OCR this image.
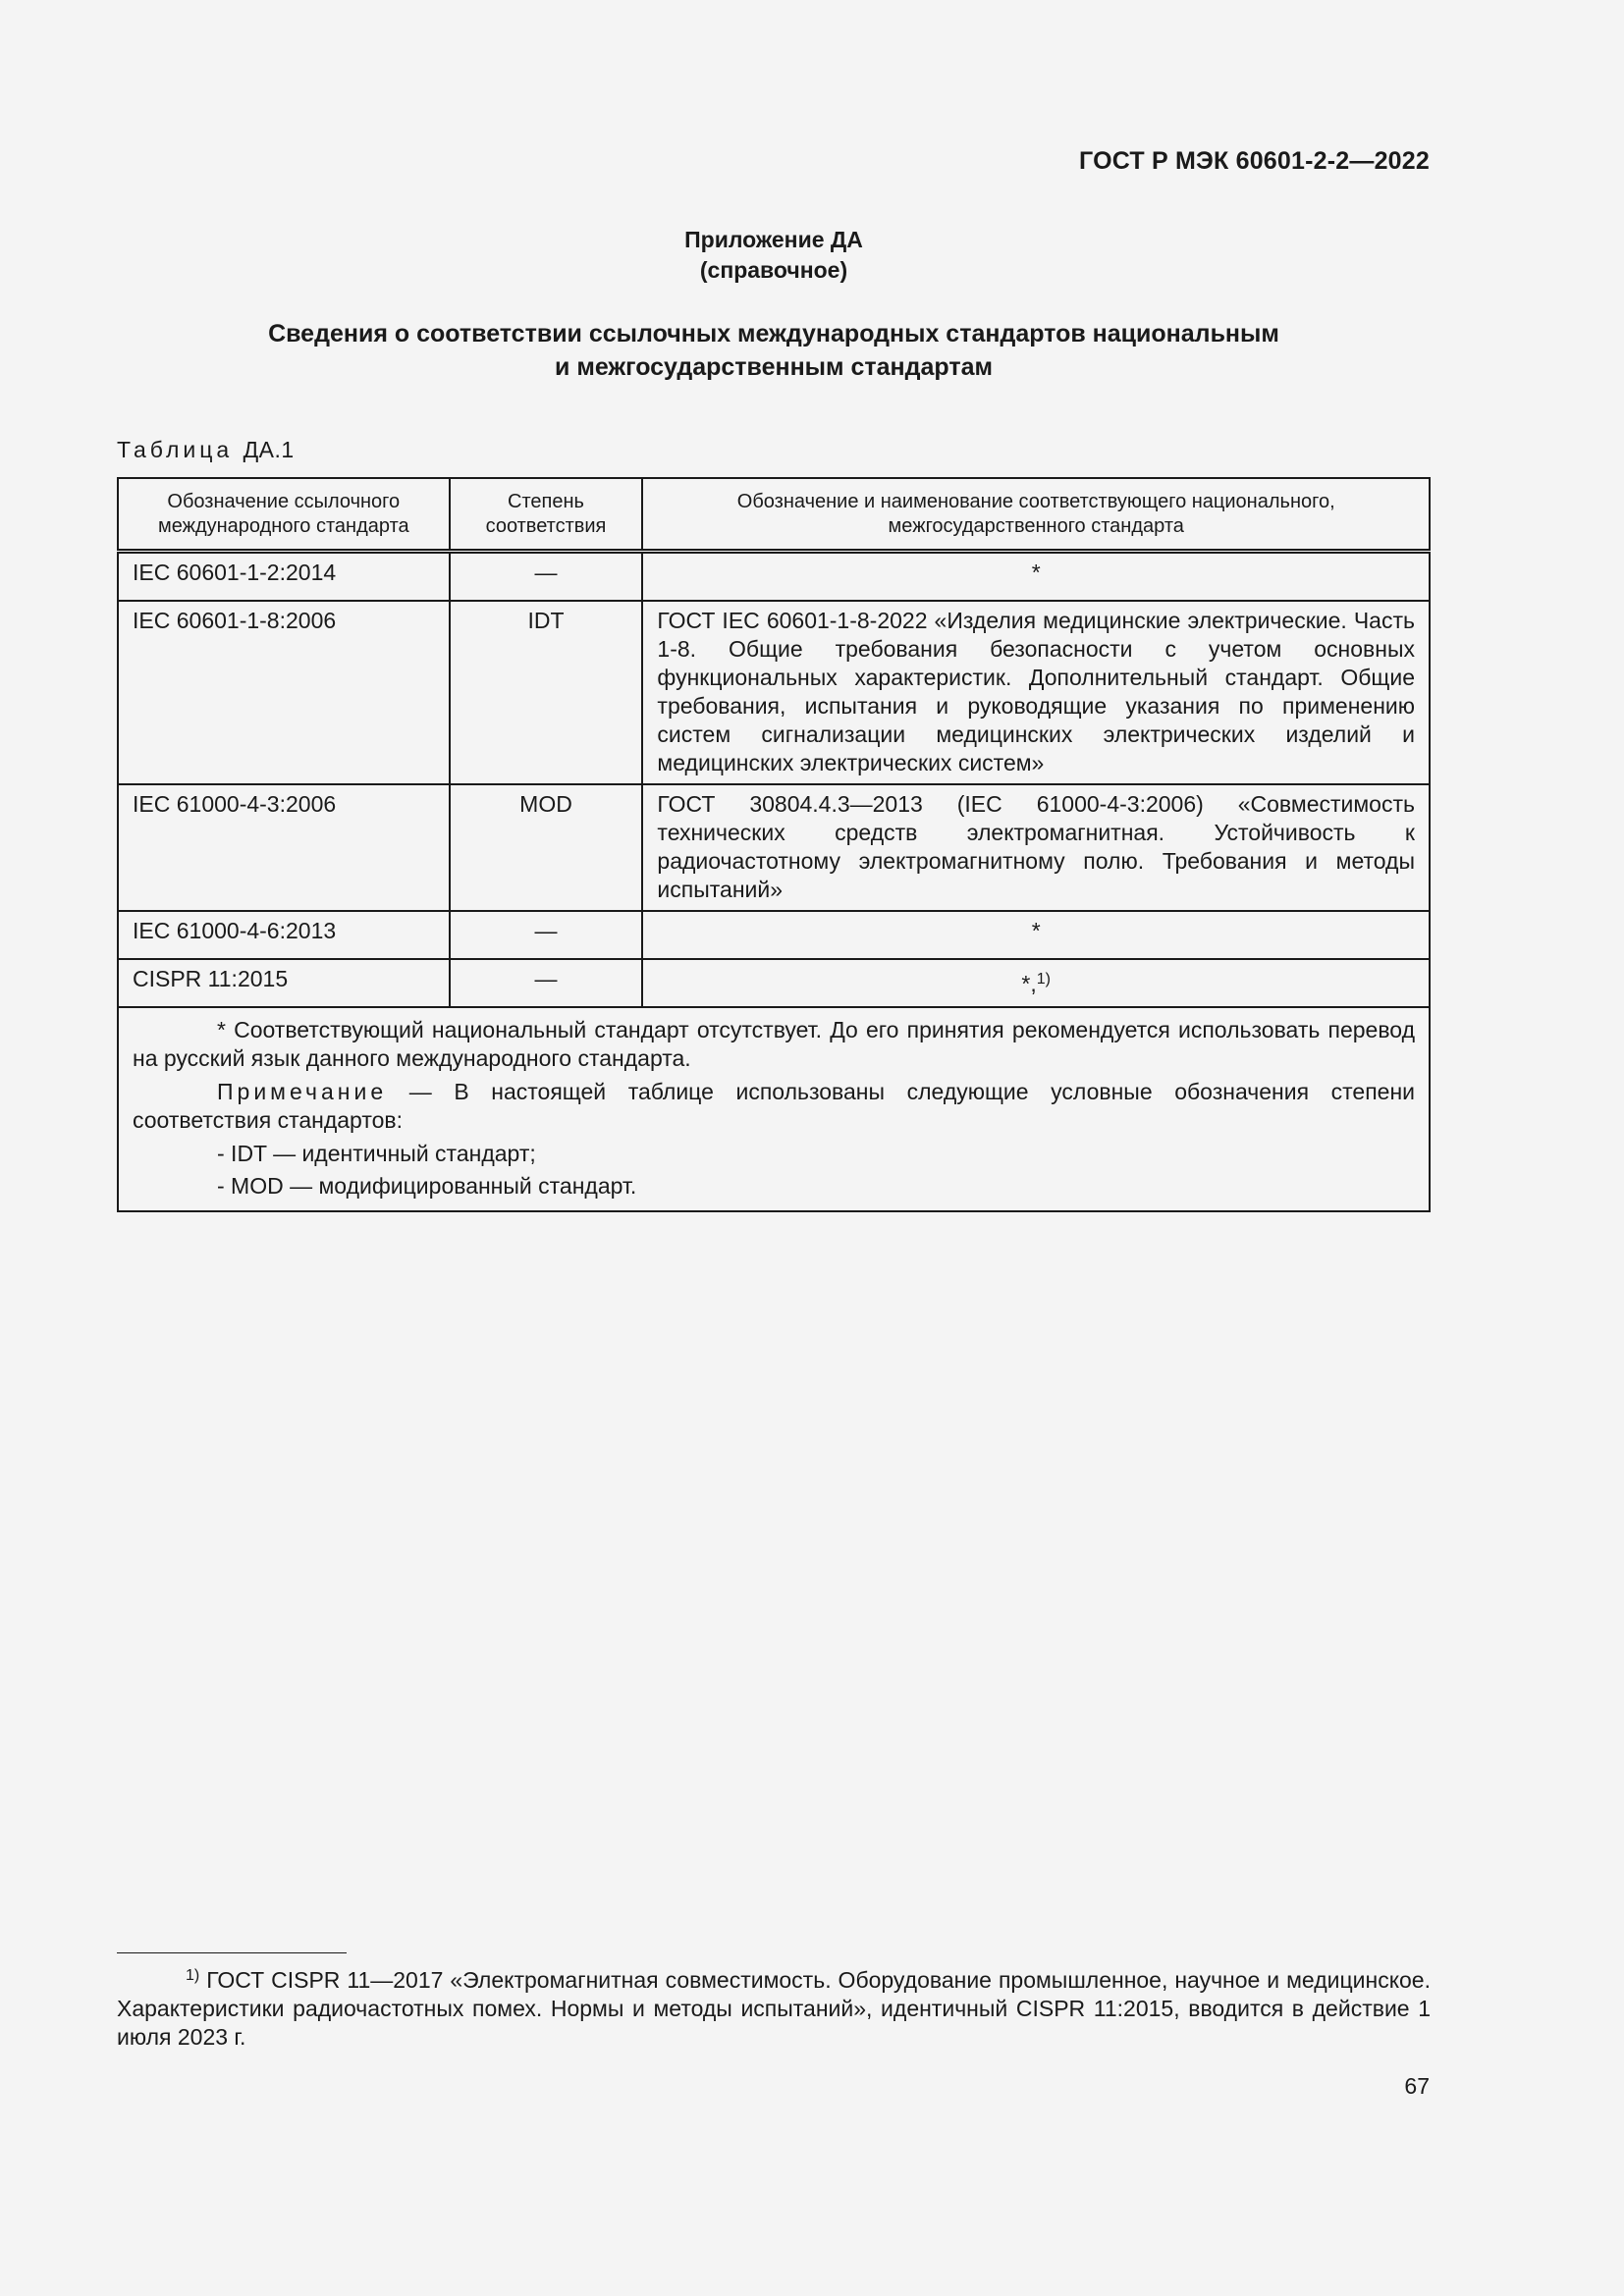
ГОСТ Р МЭК 60601-2-2—2022
Приложение ДА
(справочное)
Сведения о соответствии ссылочных международных стандартов национальным
и межгосударственным стандартам
Таблица ДА.1
Обозначение ссылочного международного стандарта	Степень соответствия	Обозначение и наименование соответствующего национального, межгосударственного стандарта
IEC 60601-1-2:2014	—	*
IEC 60601-1-8:2006	IDT	ГОСТ IEC 60601-1-8-2022 «Изделия медицинские электрические. Часть 1-8. Общие требования безопасности с учетом основных функциональных характеристик. Дополнительный стандарт. Общие требования, испытания и руководящие указания по применению систем сигнализации медицинских электрических изделий и медицинских электрических систем»
IEC 61000-4-3:2006	MOD	ГОСТ 30804.4.3—2013 (IEC 61000-4-3:2006) «Совместимость технических средств электромагнитная. Устойчивость к радиочастотному электромагнитному полю. Требования и методы испытаний»
IEC 61000-4-6:2013	—	*
CISPR 11:2015	—	*,$^{1)}$

* Соответствующий национальный стандарт отсутствует. До его принятия рекомендуется использовать перевод на русский язык данного международного стандарта.

Примечание — В настоящей таблице использованы следующие условные обозначения степени соответствия стандартов:

- IDT — идентичный стандарт;
- MOD — модифицированный стандарт.		
$^{1)}$ ГОСТ CISPR 11—2017 «Электромагнитная совместимость. Оборудование промышленное, научное и медицинское. Характеристики радиочастотных помех. Нормы и методы испытаний», идентичный CISPR 11:2015, вводится в действие 1 июля 2023 г.
67
